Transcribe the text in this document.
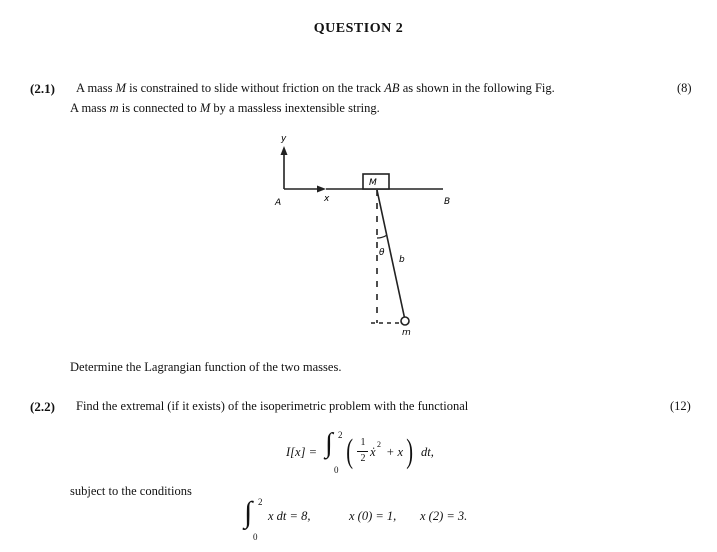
QUESTION 2
(2.1) A mass M is constrained to slide without friction on the track AB as shown in the following Fig.	(8)
A mass m is connected to M by a massless inextensible string.
y
x
A	B
M
θ
b
m
Determine the Lagrangian function of the two masses.
(2.2) Find the extremal (if it exists) of the isoperimetric problem with the functional	(12)
I[x] = ∫ 2
0 ( 1
2 ẋ
2
+ x ) dt,
subject to the conditions
∫ 2
0
x dt = 8,	x (0) = 1, x (2) = 3.
